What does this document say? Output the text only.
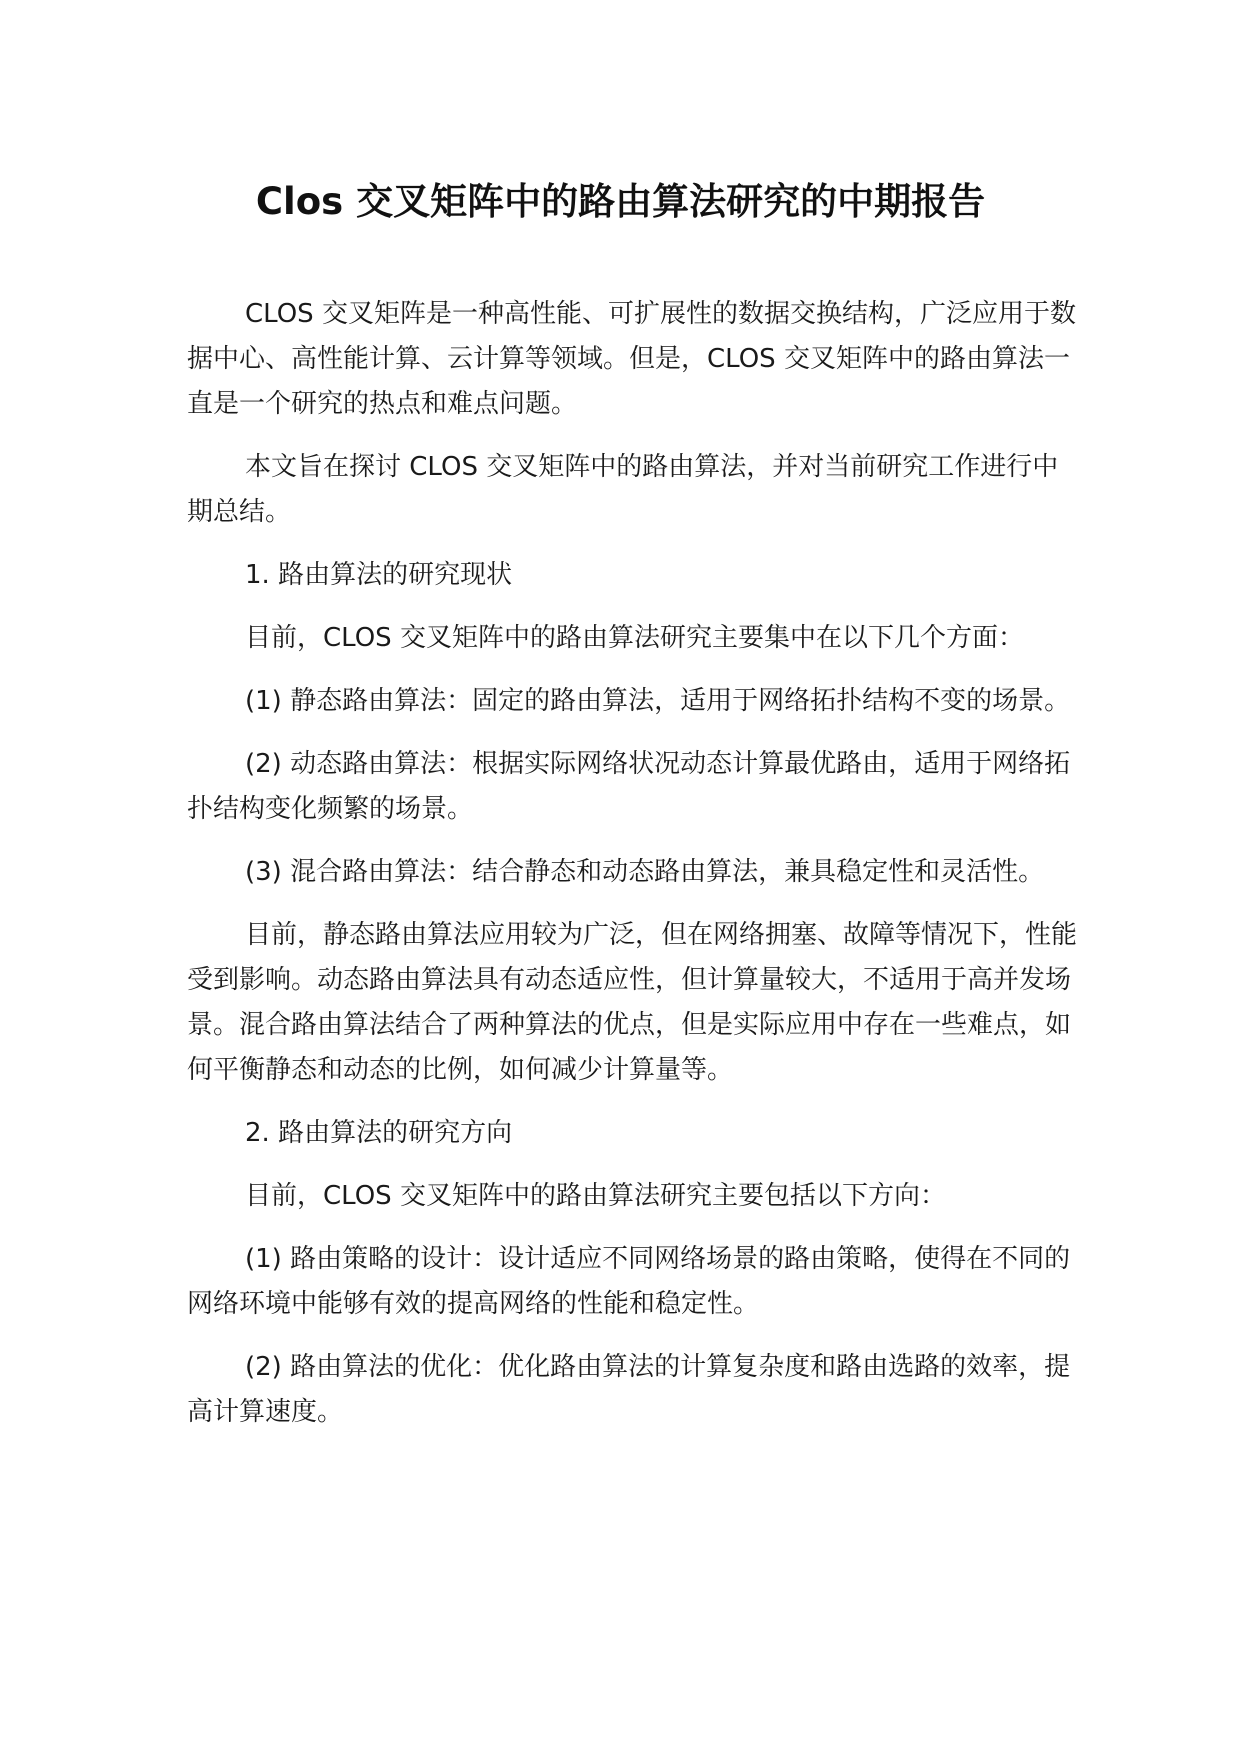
Clos 交叉矩阵中的路由算法研究的中期报告

CLOS 交叉矩阵是一种高性能、可扩展性的数据交换结构，广泛应用于数据中心、高性能计算、云计算等领域。但是，CLOS 交叉矩阵中的路由算法一直是一个研究的热点和难点问题。

本文旨在探讨 CLOS 交叉矩阵中的路由算法，并对当前研究工作进行中期总结。

1. 路由算法的研究现状

目前，CLOS 交叉矩阵中的路由算法研究主要集中在以下几个方面：

(1) 静态路由算法：固定的路由算法，适用于网络拓扑结构不变的场景。

(2) 动态路由算法：根据实际网络状况动态计算最优路由，适用于网络拓扑结构变化频繁的场景。

(3) 混合路由算法：结合静态和动态路由算法，兼具稳定性和灵活性。

目前，静态路由算法应用较为广泛，但在网络拥塞、故障等情况下，性能受到影响。动态路由算法具有动态适应性，但计算量较大，不适用于高并发场景。混合路由算法结合了两种算法的优点，但是实际应用中存在一些难点，如何平衡静态和动态的比例，如何减少计算量等。

2. 路由算法的研究方向

目前，CLOS 交叉矩阵中的路由算法研究主要包括以下方向：

(1) 路由策略的设计：设计适应不同网络场景的路由策略，使得在不同的网络环境中能够有效的提高网络的性能和稳定性。

(2) 路由算法的优化：优化路由算法的计算复杂度和路由选路的效率，提高计算速度。
